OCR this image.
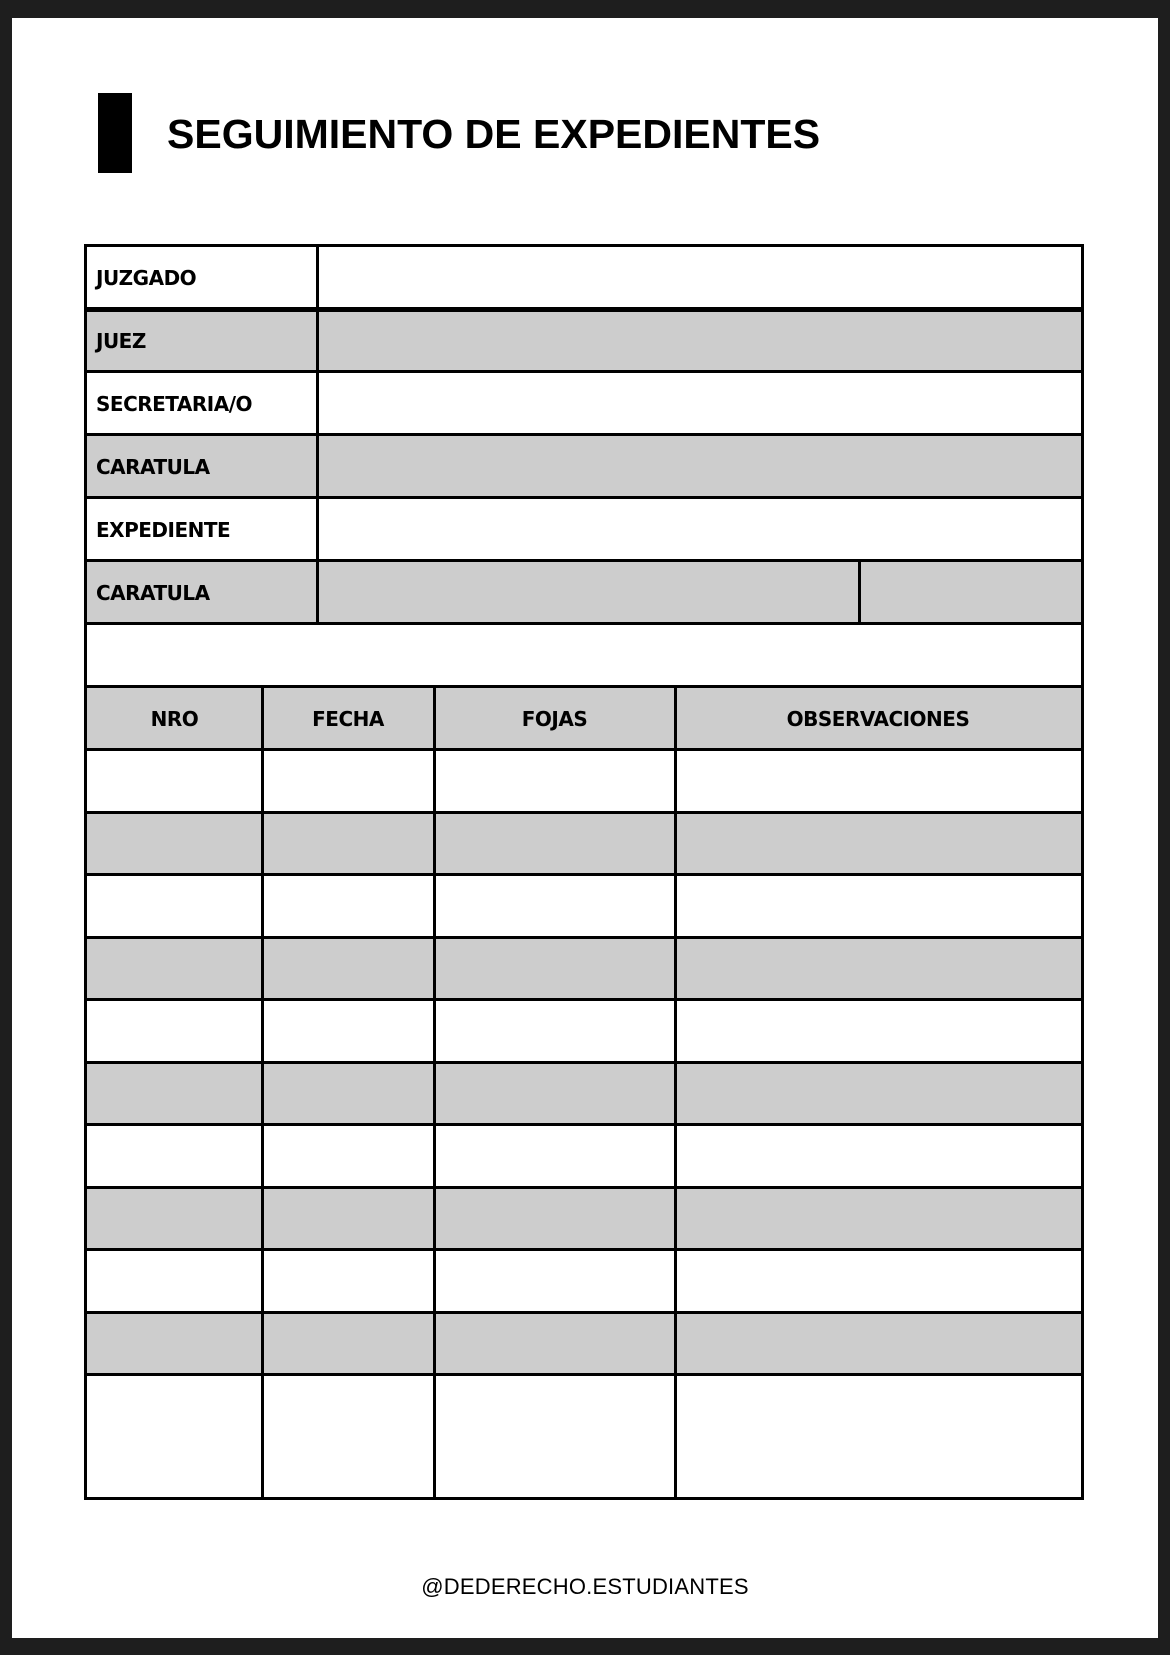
SEGUIMIENTO DE EXPEDIENTES
JUZGADO
JUEZ
SECRETARIA/O
CARATULA
EXPEDIENTE
CARATULA
NRO	FECHA	FOJAS	OBSERVACIONES
@DEDERECHO.ESTUDIANTES
